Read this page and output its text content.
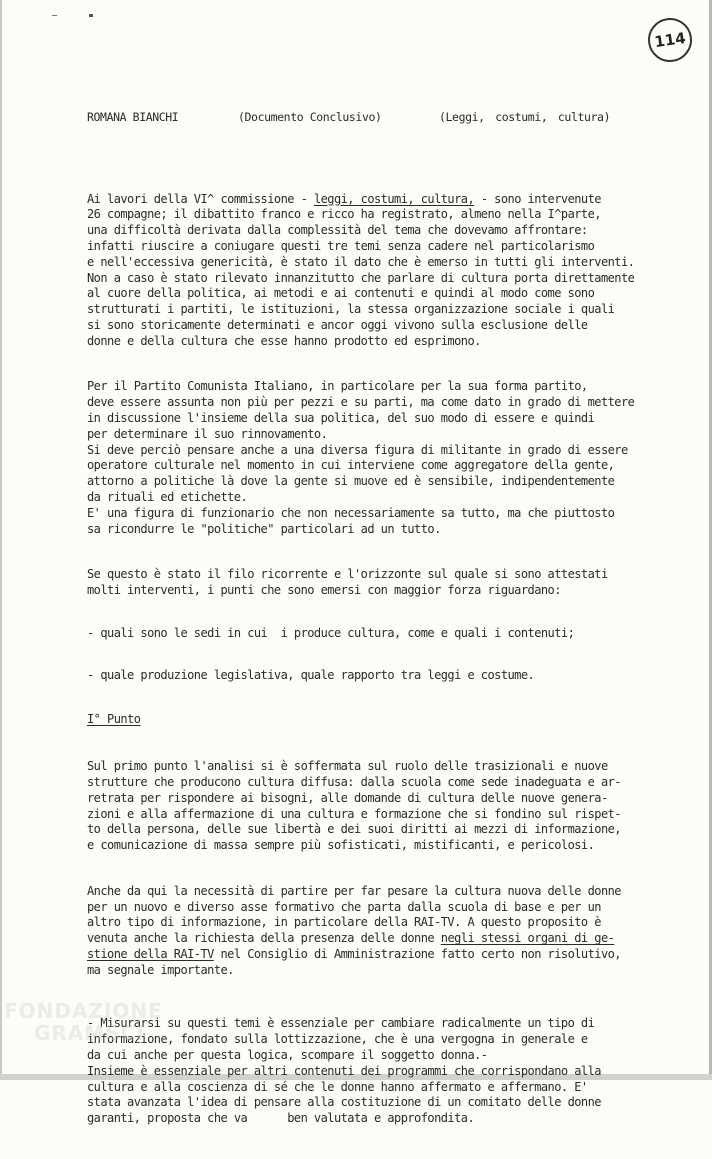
114
ROMANA BIANCHI	(Documento Conclusivo)	(Leggi, costumi, cultura)

Ai lavori della VI^ commissione - leggi, costumi, cultura, - sono intervenute
26 compagne; il dibattito franco e ricco ha registrato, almeno nella I^parte,
una difficoltà derivata dalla complessità del tema che dovevamo affrontare:
infatti riuscire a coniugare questi tre temi senza cadere nel particolarismo
e nell'eccessiva genericità, è stato il dato che è emerso in tutti gli interventi.
Non a caso è stato rilevato innanzitutto che parlare di cultura porta direttamente
al cuore della politica, ai metodi e ai contenuti e quindi al modo come sono
strutturati i partiti, le istituzioni, la stessa organizzazione sociale i quali
si sono storicamente determinati e ancor oggi vivono sulla esclusione delle
donne e della cultura che esse hanno prodotto ed esprimono.

Per il Partito Comunista Italiano, in particolare per la sua forma partito,
deve essere assunta non più per pezzi e su parti, ma come dato in grado di mettere
in discussione l'insieme della sua politica, del suo modo di essere e quindi
per determinare il suo rinnovamento.
Si deve perciò pensare anche a una diversa figura di militante in grado di essere
operatore culturale nel momento in cui interviene come aggregatore della gente,
attorno a politiche là dove la gente si muove ed è sensibile, indipendentemente
da rituali ed etichette.
E' una figura di funzionario che non necessariamente sa tutto, ma che piuttosto
sa ricondurre le "politiche" particolari ad un tutto.

Se questo è stato il filo ricorrente e l'orizzonte sul quale si sono attestati
molti interventi, i punti che sono emersi con maggior forza riguardano:

- quali sono le sedi in cui  i produce cultura, come e quali i contenuti;

- quale produzione legislativa, quale rapporto tra leggi e costume.

I° Punto

Sul primo punto l'analisi si è soffermata sul ruolo delle trasizionali e nuove
strutture che producono cultura diffusa: dalla scuola come sede inadeguata e ar-
retrata per rispondere ai bisogni, alle domande di cultura delle nuove genera-
zioni e alla affermazione di una cultura e formazione che si fondino sul rispet-
to della persona, delle sue libertà e dei suoi diritti ai mezzi di informazione,
e comunicazione di massa sempre più sofisticati, mistificanti, e pericolosi.

Anche da qui la necessità di partire per far pesare la cultura nuova delle donne
per un nuovo e diverso asse formativo che parta dalla scuola di base e per un
altro tipo di informazione, in particolare della RAI-TV. A questo proposito è
venuta anche la richiesta della presenza delle donne negli stessi organi di ge-
stione della RAI-TV nel Consiglio di Amministrazione fatto certo non risolutivo,
ma segnale importante.

- Misurarsi su questi temi è essenziale per cambiare radicalmente un tipo di
informazione, fondato sulla lottizzazione, che è una vergogna in generale e
da cui anche per questa logica, scompare il soggetto donna.-
Insieme è essenziale per altri contenuti dei programmi che corrispondano alla
cultura e alla coscienza di sé che le donne hanno affermato e affermano. E'
stata avanzata l'idea di pensare alla costituzione di un comitato delle donne
garanti, proposta che va      ben valutata e approfondita.

FONDAZIONE
GRAMSCI
